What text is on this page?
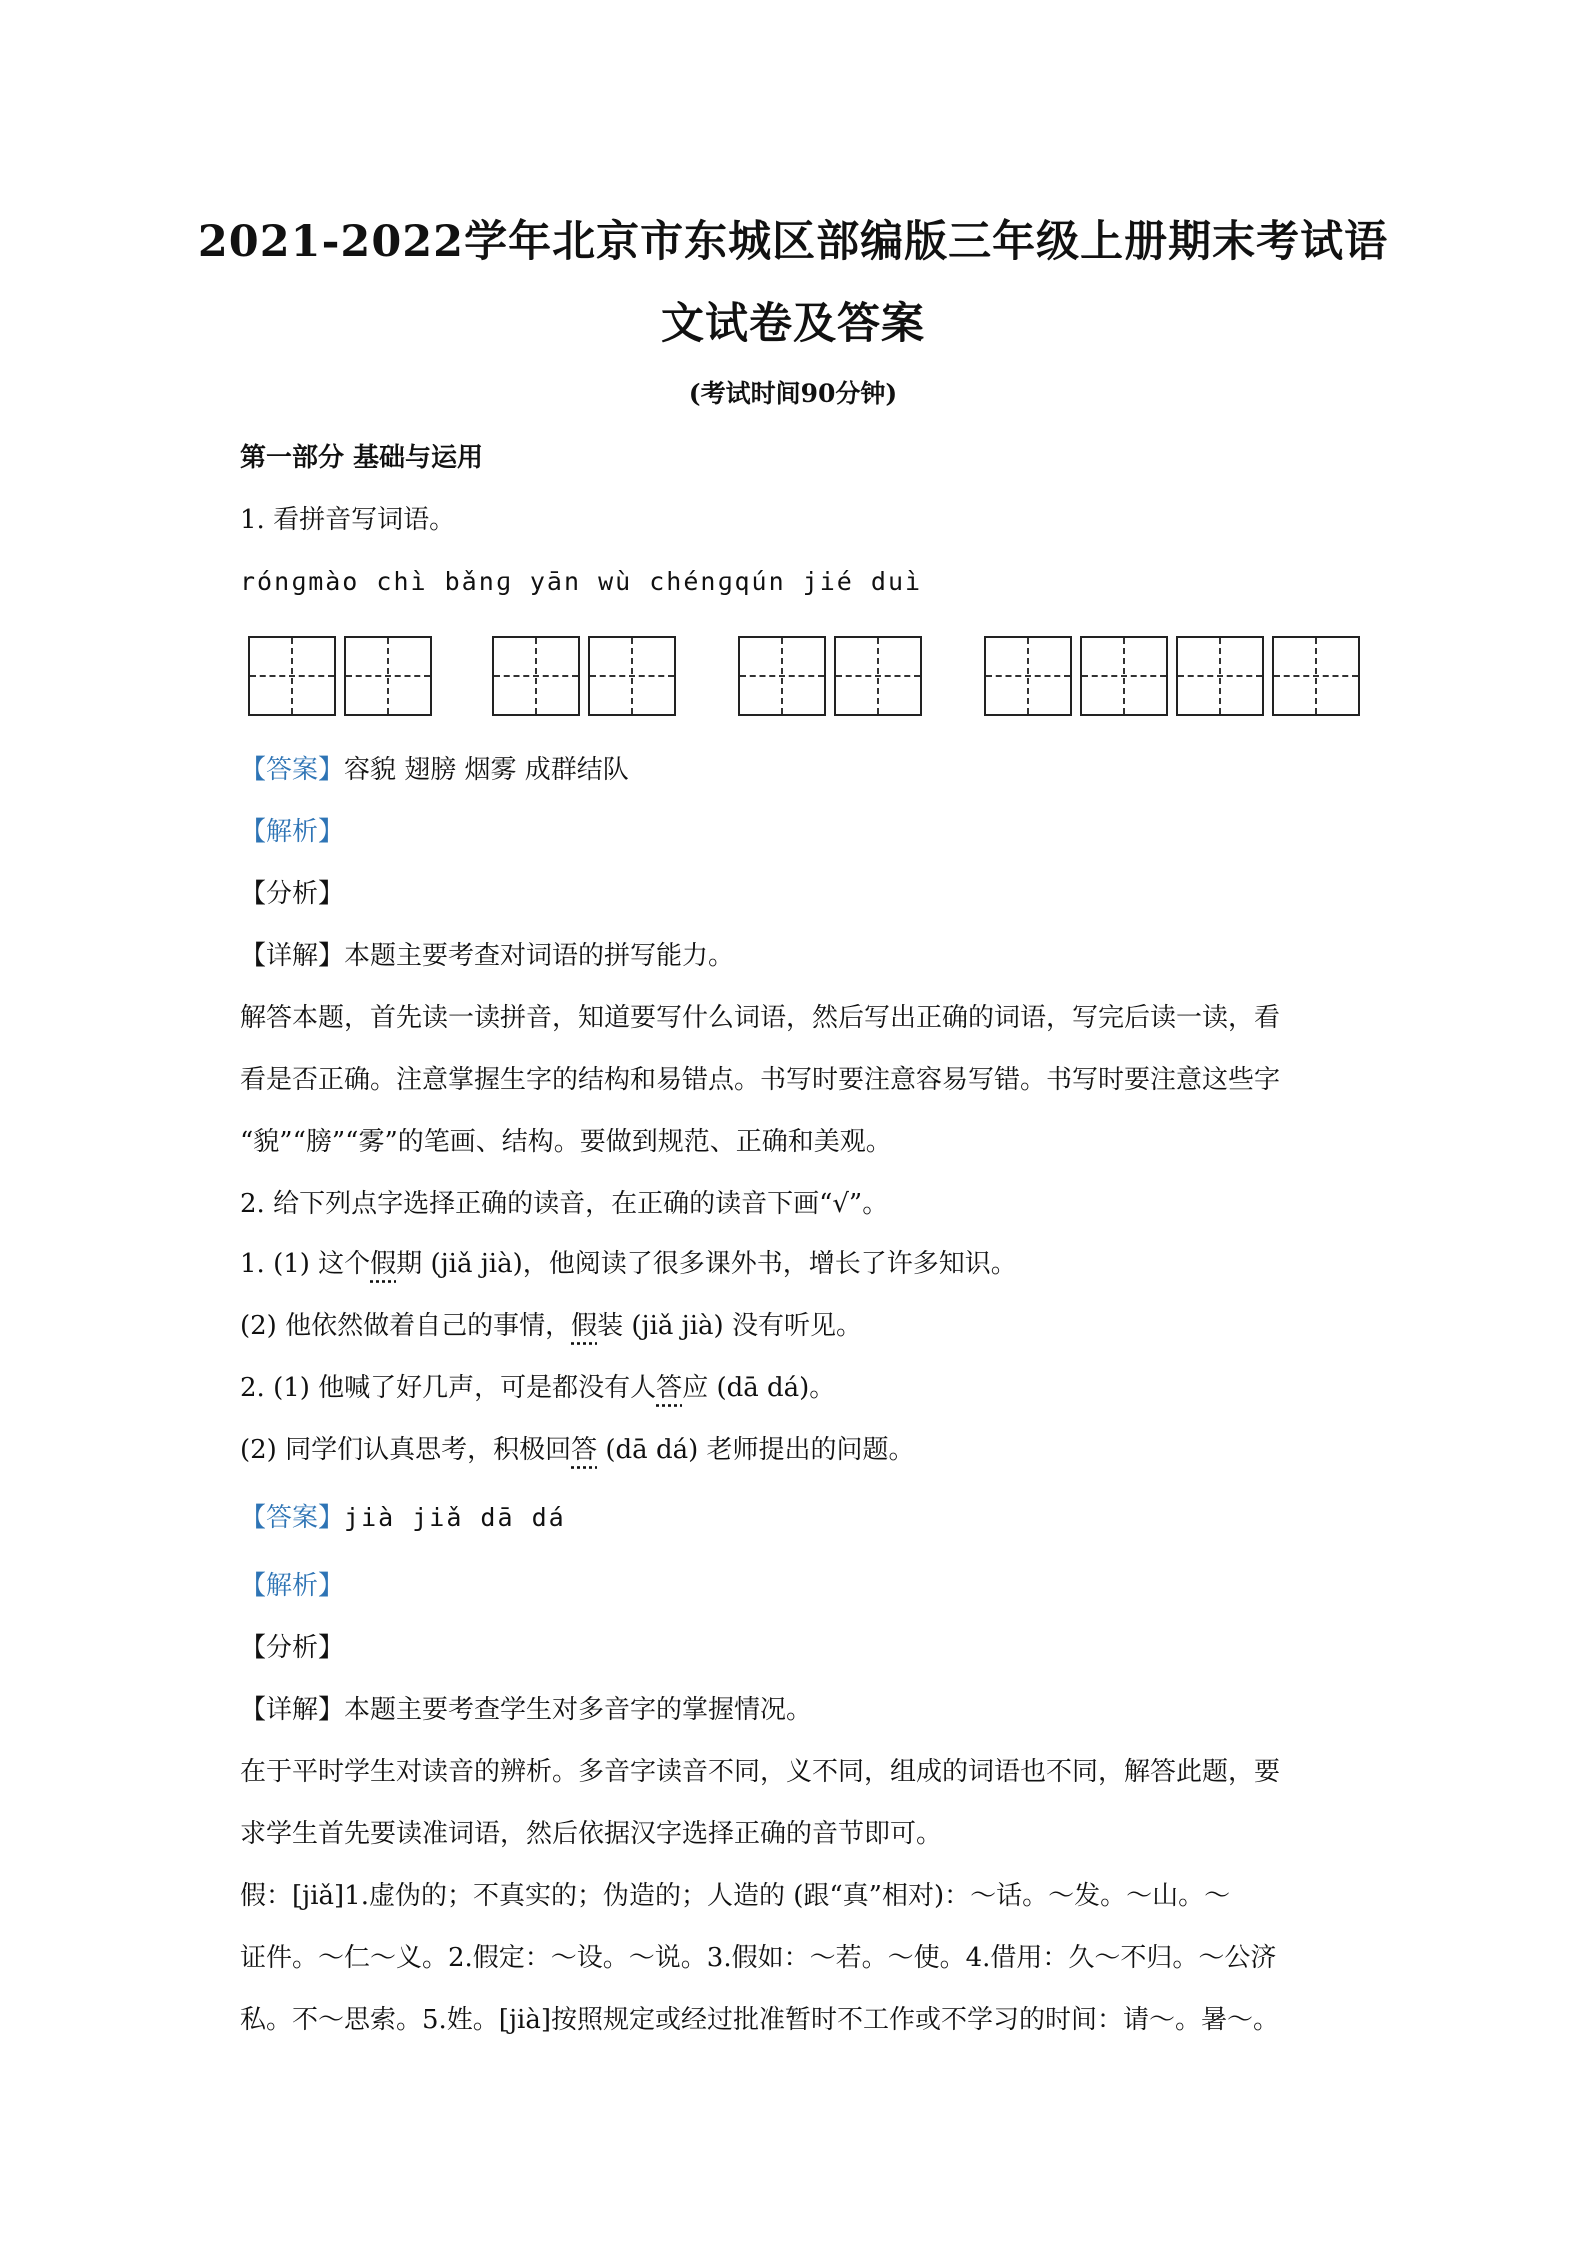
2021-2022学年北京市东城区部编版三年级上册期末考试语
文试卷及答案
(考试时间90分钟)
第一部分 基础与运用
1. 看拼音写词语。
rónɡmào chì bǎnɡ yān wù chénɡqún jié duì
【答案】容貌 翅膀 烟雾 成群结队
【解析】
【分析】
【详解】本题主要考查对词语的拼写能力。
解答本题，首先读一读拼音，知道要写什么词语，然后写出正确的词语，写完后读一读，看
看是否正确。注意掌握生字的结构和易错点。书写时要注意容易写错。书写时要注意这些字
“貌”“膀”“雾”的笔画、结构。要做到规范、正确和美观。
2. 给下列点字选择正确的读音，在正确的读音下画“√”。
1. (1) 这个假期 (jiǎ jià)，他阅读了很多课外书，增长了许多知识。
(2) 他依然做着自己的事情，假装 (jiǎ jià) 没有听见。
2. (1) 他喊了好几声，可是都没有人答应 (dā dá)。
(2) 同学们认真思考，积极回答 (dā dá) 老师提出的问题。
【答案】jià jiǎ dā dá
【解析】
【分析】
【详解】本题主要考查学生对多音字的掌握情况。
在于平时学生对读音的辨析。多音字读音不同，义不同，组成的词语也不同，解答此题，要
求学生首先要读准词语，然后依据汉字选择正确的音节即可。
假：[jiǎ]1.虚伪的；不真实的；伪造的；人造的 (跟“真”相对)：～话。～发。～山。～
证件。～仁～义。2.假定：～设。～说。3.假如：～若。～使。4.借用：久～不归。～公济
私。不～思索。5.姓。[jià]按照规定或经过批准暂时不工作或不学习的时间：请～。暑～。
